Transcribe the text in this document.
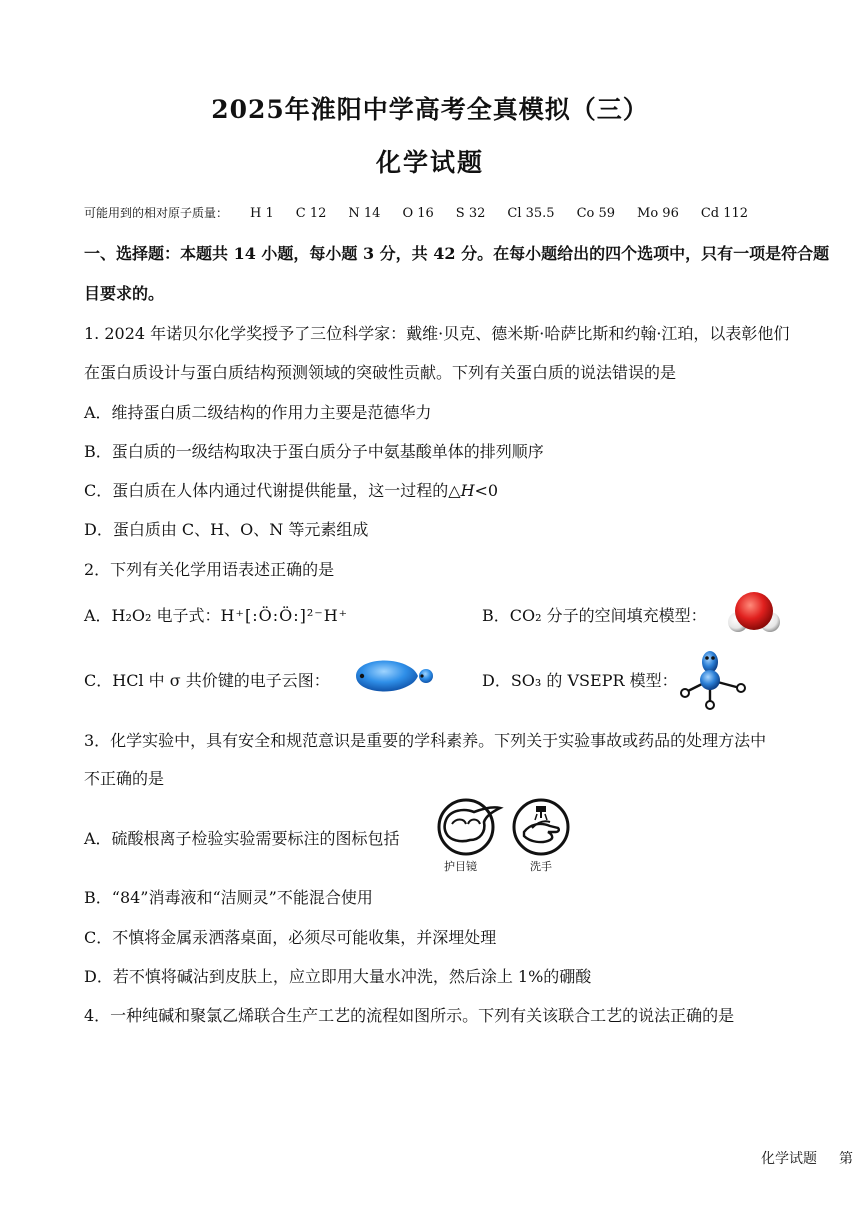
2025年淮阳中学高考全真模拟（三）
化学试题
可能用到的相对原子质量： H 1 C 12 N 14 O 16 S 32 Cl 35.5 Co 59 Mo 96 Cd 112
一、选择题：本题共 14 小题，每小题 3 分，共 42 分。在每小题给出的四个选项中，只有一项是符合题目要求的。
1. 2024 年诺贝尔化学奖授予了三位科学家：戴维·贝克、德米斯·哈萨比斯和约翰·江珀，以表彰他们
在蛋白质设计与蛋白质结构预测领域的突破性贡献。下列有关蛋白质的说法错误的是
A．维持蛋白质二级结构的作用力主要是范德华力
B．蛋白质的一级结构取决于蛋白质分子中氨基酸单体的排列顺序
C．蛋白质在人体内通过代谢提供能量，这一过程的△H<0
D．蛋白质由 C、H、O、N 等元素组成
2．下列有关化学用语表述正确的是
A．H₂O₂ 电子式：H⁺[:Ö:Ö:]²⁻H⁺	B．CO₂ 分子的空间填充模型：
C．HCl 中 σ 共价键的电子云图：	D．SO₃ 的 VSEPR 模型：
3．化学实验中，具有安全和规范意识是重要的学科素养。下列关于实验事故或药品的处理方法中
不正确的是
A．硫酸根离子检验实验需要标注的图标包括
护目镜	洗手
B．“84”消毒液和“洁厕灵”不能混合使用
C．不慎将金属汞洒落桌面，必须尽可能收集，并深埋处理
D．若不慎将碱沾到皮肤上，应立即用大量水冲洗，然后涂上 1%的硼酸
4．一种纯碱和聚氯乙烯联合生产工艺的流程如图所示。下列有关该联合工艺的说法正确的是
化学试题 第
